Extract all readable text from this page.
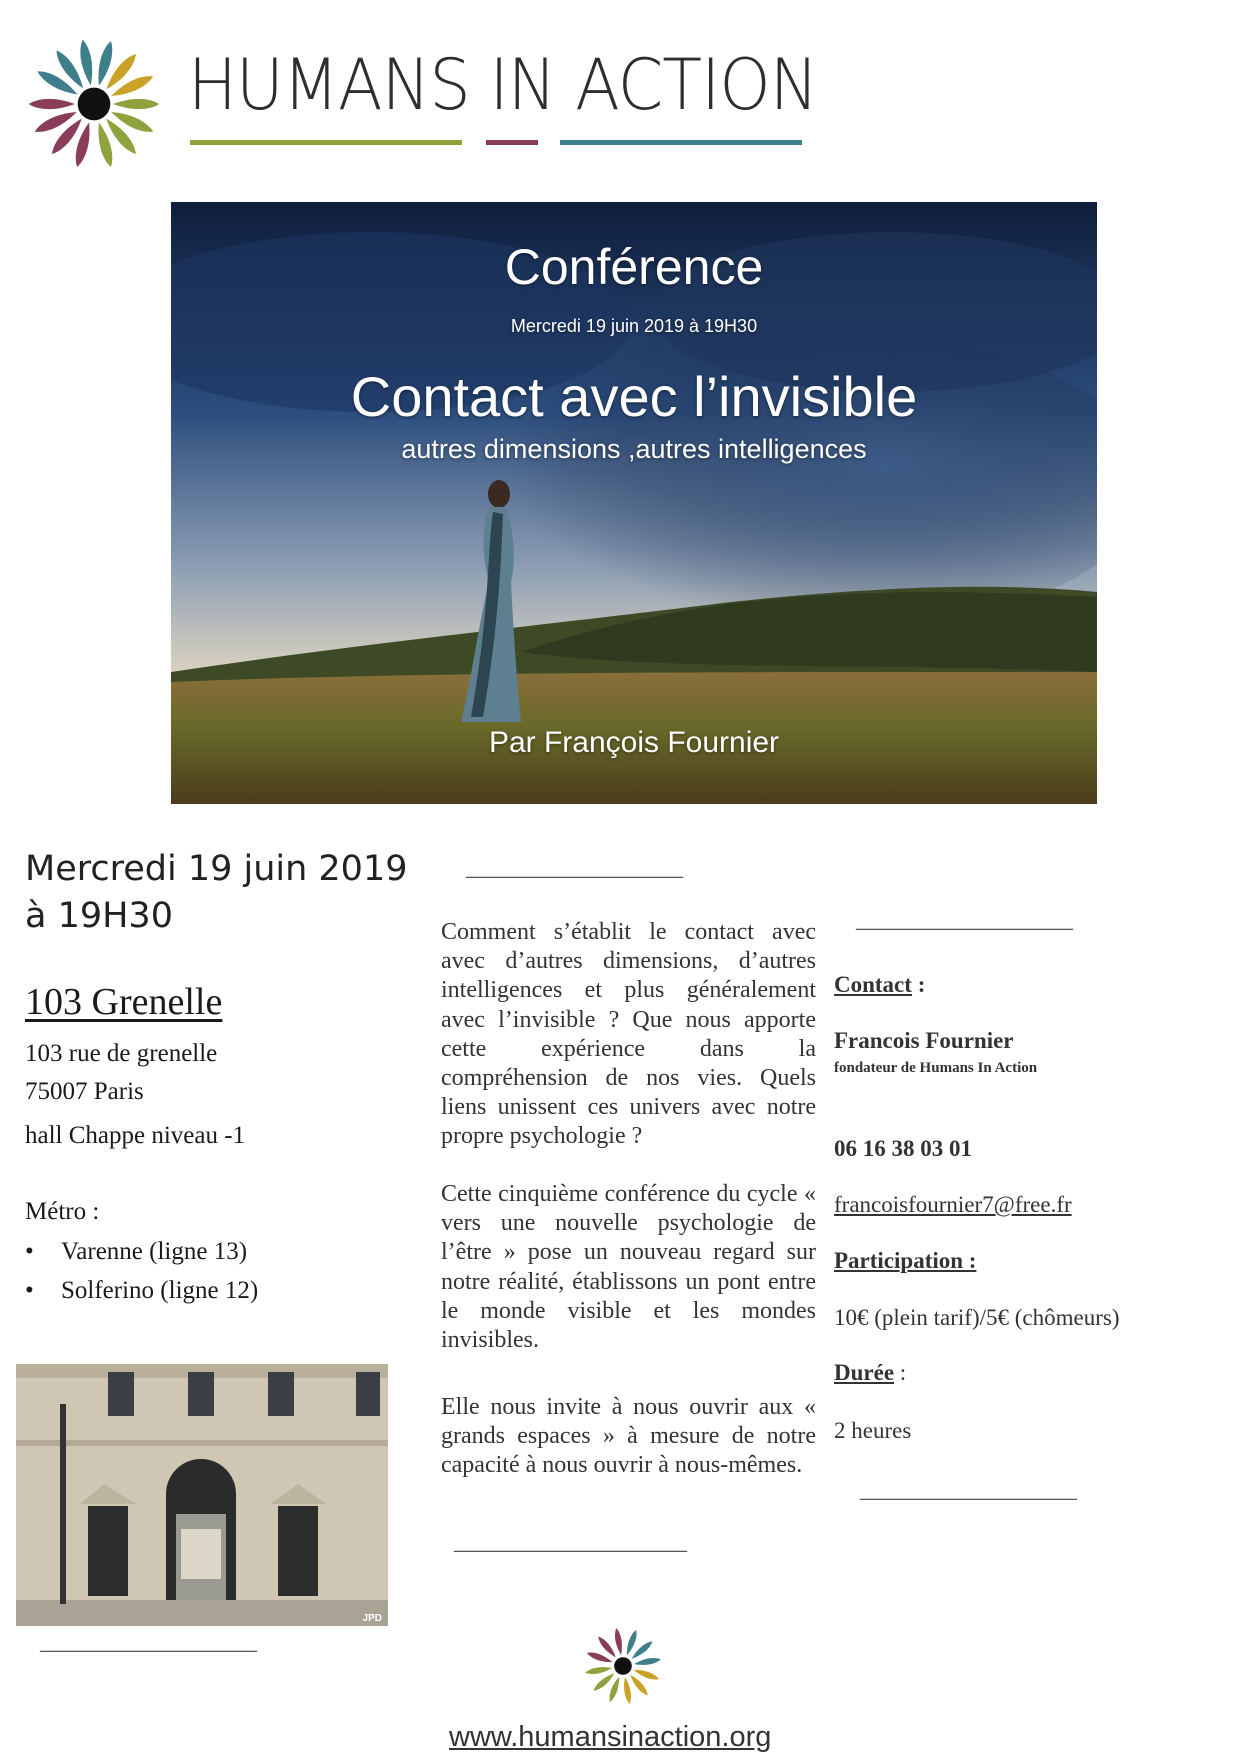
HUMANS IN ACTION
Conférence
Mercredi 19 juin 2019 à 19H30
Contact avec l’invisible
autres dimensions ,autres intelligences
Par François Fournier
Mercredi 19 juin 2019
à 19H30
103 Grenelle
103 rue de grenelle
75007 Paris
hall Chappe niveau -1
Métro :
• Varenne (ligne 13)
• Solferino (ligne 12)
JPD
___________________________
___________________________
Comment s’établit le contact avec avec d’autres dimensions, d’autres intelligences et plus généralement avec l’invisible ? Que nous apporte cette expérience dans la compréhension de nos vies. Quels liens unissent ces univers avec notre propre psychologie ?
Cette cinquième conférence du cycle « vers une nouvelle psychologie de l’être » pose un nouveau regard sur notre réalité, établissons un pont entre le monde visible et les mondes invisibles.
Elle nous invite à nous ouvrir aux « grands espaces » à mesure de notre capacité à nous ouvrir à nous-mêmes.
_____________________________
___________________________
Contact :
Francois Fournier
fondateur de Humans In Action
06 16 38 03 01
francoisfournier7@free.fr
Participation :
10€ (plein tarif)/5€ (chômeurs)
Durée :
2 heures
___________________________
www.humansinaction.org
